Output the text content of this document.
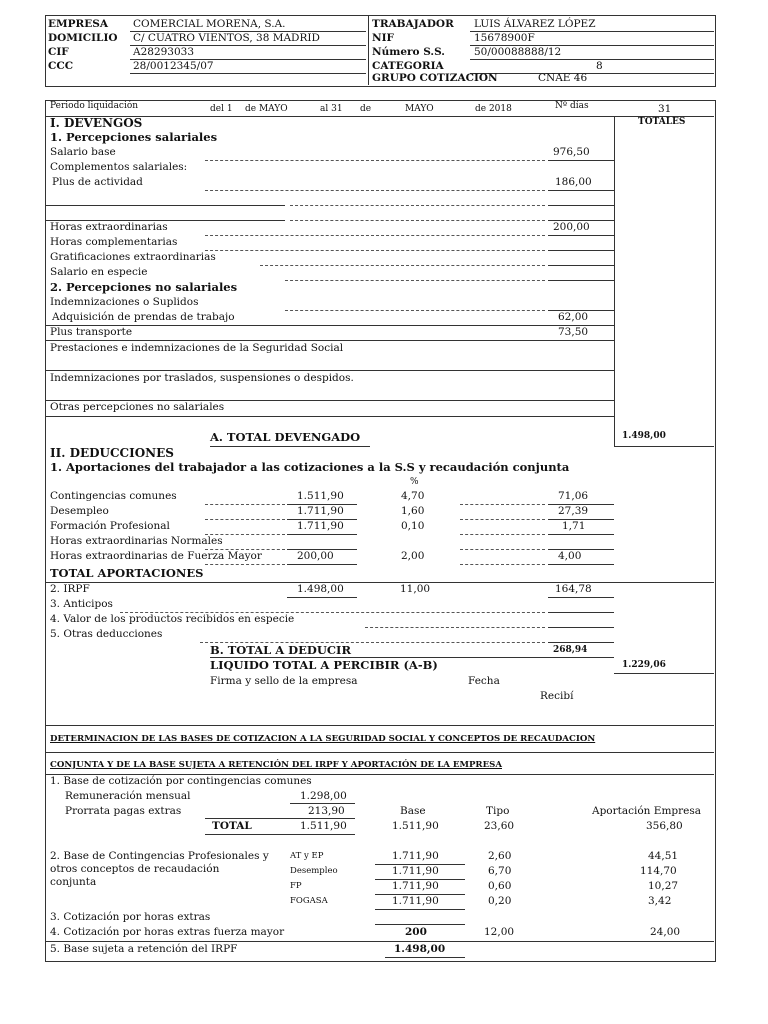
EMPRESA COMERCIAL MORENA, S.A.
DOMICILIO C/ CUATRO VIENTOS, 38 MADRID
CIF	A28293033
CCC	28/0012345/07
TRABAJADOR LUIS ÁLVAREZ LÓPEZ
NIF	15678900F
Número S.S.	50/00088888/12
CATEGORIA	8
GRUPO COTIZACION	CNAE 46
Periodo liquidación	del 1 de MAYO	al 31 de	MAYO	de 2018	Nº días	31
TOTALES
I. DEVENGOS
1. Percepciones salariales
Salario base	976,50
Complementos salariales:
Plus de actividad	186,00
Horas extraordinarias	200,00
Horas complementarias
Gratificaciones extraordinarias
Salario en especie
2. Percepciones no salariales
Indemnizaciones o Suplidos
Adquisición de prendas de trabajo	62,00
Plus transporte	73,50
Prestaciones e indemnizaciones de la Seguridad Social
Indemnizaciones por traslados, suspensiones o despidos.
Otras percepciones no salariales
A. TOTAL DEVENGADO	1.498,00
II. DEDUCCIONES
1. Aportaciones del trabajador a las cotizaciones a la S.S y recaudación conjunta
%
Contingencias comunes	1.511,90	4,70	71,06
Desempleo	1.711,90	1,60	27,39
Formación Profesional	1.711,90	0,10	1,71
Horas extraordinarias Normales
Horas extraordinarias de Fuerza Mayor	200,00	2,00	4,00
TOTAL APORTACIONES
2. IRPF	1.498,00	11,00	164,78
3. Anticipos
4. Valor de los productos recibidos en especie
5. Otras deducciones
B. TOTAL A DEDUCIR	268,94
LIQUIDO TOTAL A PERCIBIR (A-B)	1.229,06
Firma y sello de la empresa	Fecha
Recibí
DETERMINACION DE LAS BASES DE COTIZACION A LA SEGURIDAD SOCIAL Y CONCEPTOS DE RECAUDACION
CONJUNTA Y DE LA BASE SUJETA A RETENCIÓN DEL IRPF Y APORTACIÓN DE LA EMPRESA
1. Base de cotización por contingencias comunes
Remuneración mensual	1.298,00
Prorrata pagas extras	213,90	Base	Tipo	Aportación Empresa
TOTAL	1.511,90	1.511,90	23,60	356,80
2. Base de Contingencias Profesionales y
otros conceptos de recaudación
conjunta
AT y EP	1.711,90	2,60	44,51
Desempleo	1.711,90	6,70	114,70
FP	1.711,90	0,60	10,27
FOGASA	1.711,90	0,20	3,42
3. Cotización por horas extras
4. Cotización por horas extras fuerza mayor	200	12,00	24,00
5. Base sujeta a retención del IRPF	1.498,00
